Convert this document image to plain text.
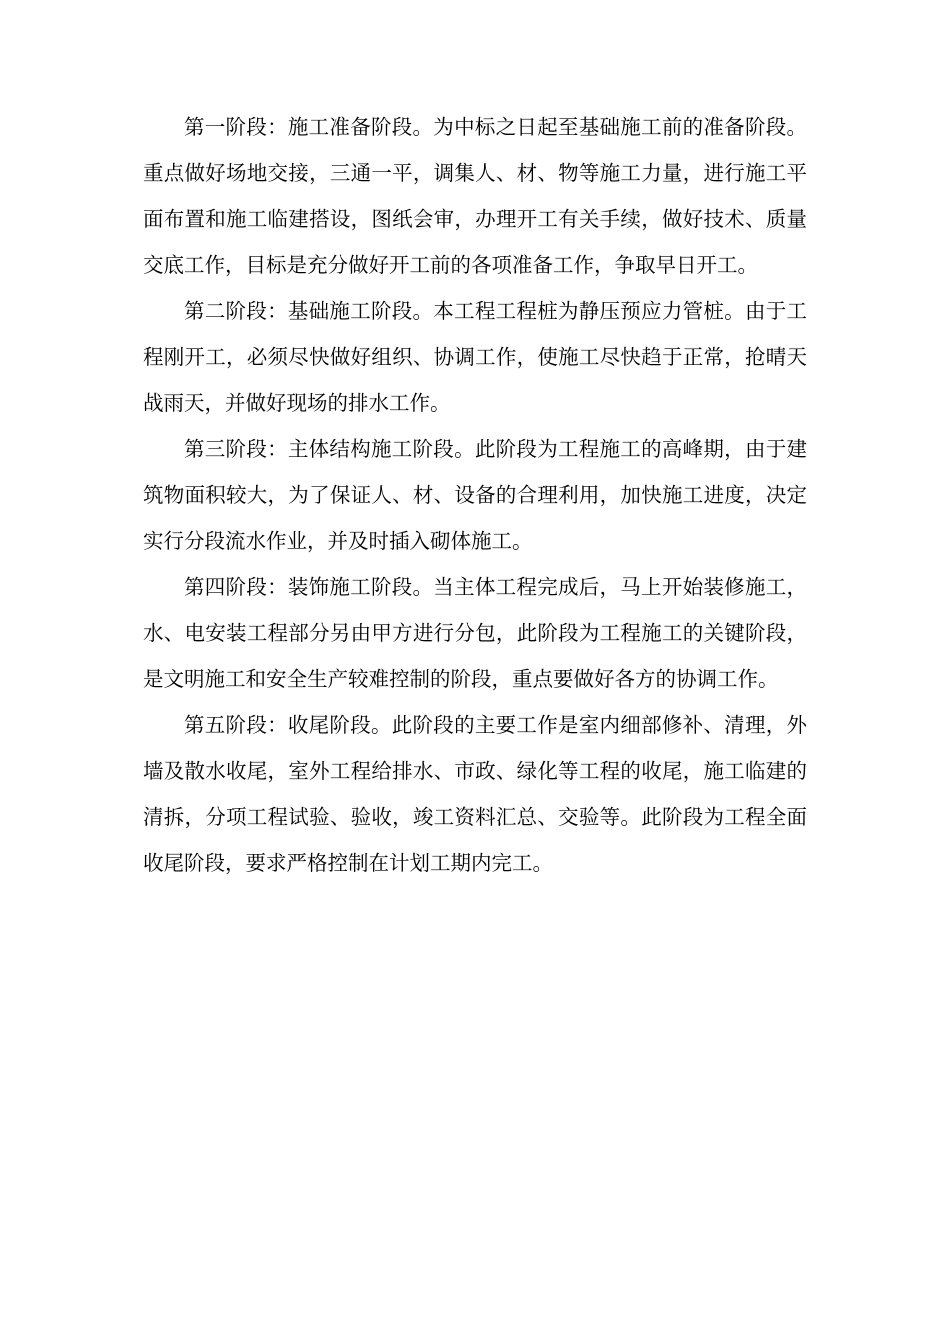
第一阶段：施工准备阶段。为中标之日起至基础施工前的准备阶段。重点做好场地交接，三通一平，调集人、材、物等施工力量，进行施工平面布置和施工临建搭设，图纸会审，办理开工有关手续，做好技术、质量交底工作，目标是充分做好开工前的各项准备工作，争取早日开工。

第二阶段：基础施工阶段。本工程工程桩为静压预应力管桩。由于工程刚开工，必须尽快做好组织、协调工作，使施工尽快趋于正常，抢晴天战雨天，并做好现场的排水工作。

第三阶段：主体结构施工阶段。此阶段为工程施工的高峰期，由于建筑物面积较大，为了保证人、材、设备的合理利用，加快施工进度，决定实行分段流水作业，并及时插入砌体施工。

第四阶段：装饰施工阶段。当主体工程完成后，马上开始装修施工，水、电安装工程部分另由甲方进行分包，此阶段为工程施工的关键阶段，是文明施工和安全生产较难控制的阶段，重点要做好各方的协调工作。

第五阶段：收尾阶段。此阶段的主要工作是室内细部修补、清理，外墙及散水收尾，室外工程给排水、市政、绿化等工程的收尾，施工临建的清拆，分项工程试验、验收，竣工资料汇总、交验等。此阶段为工程全面收尾阶段，要求严格控制在计划工期内完工。
